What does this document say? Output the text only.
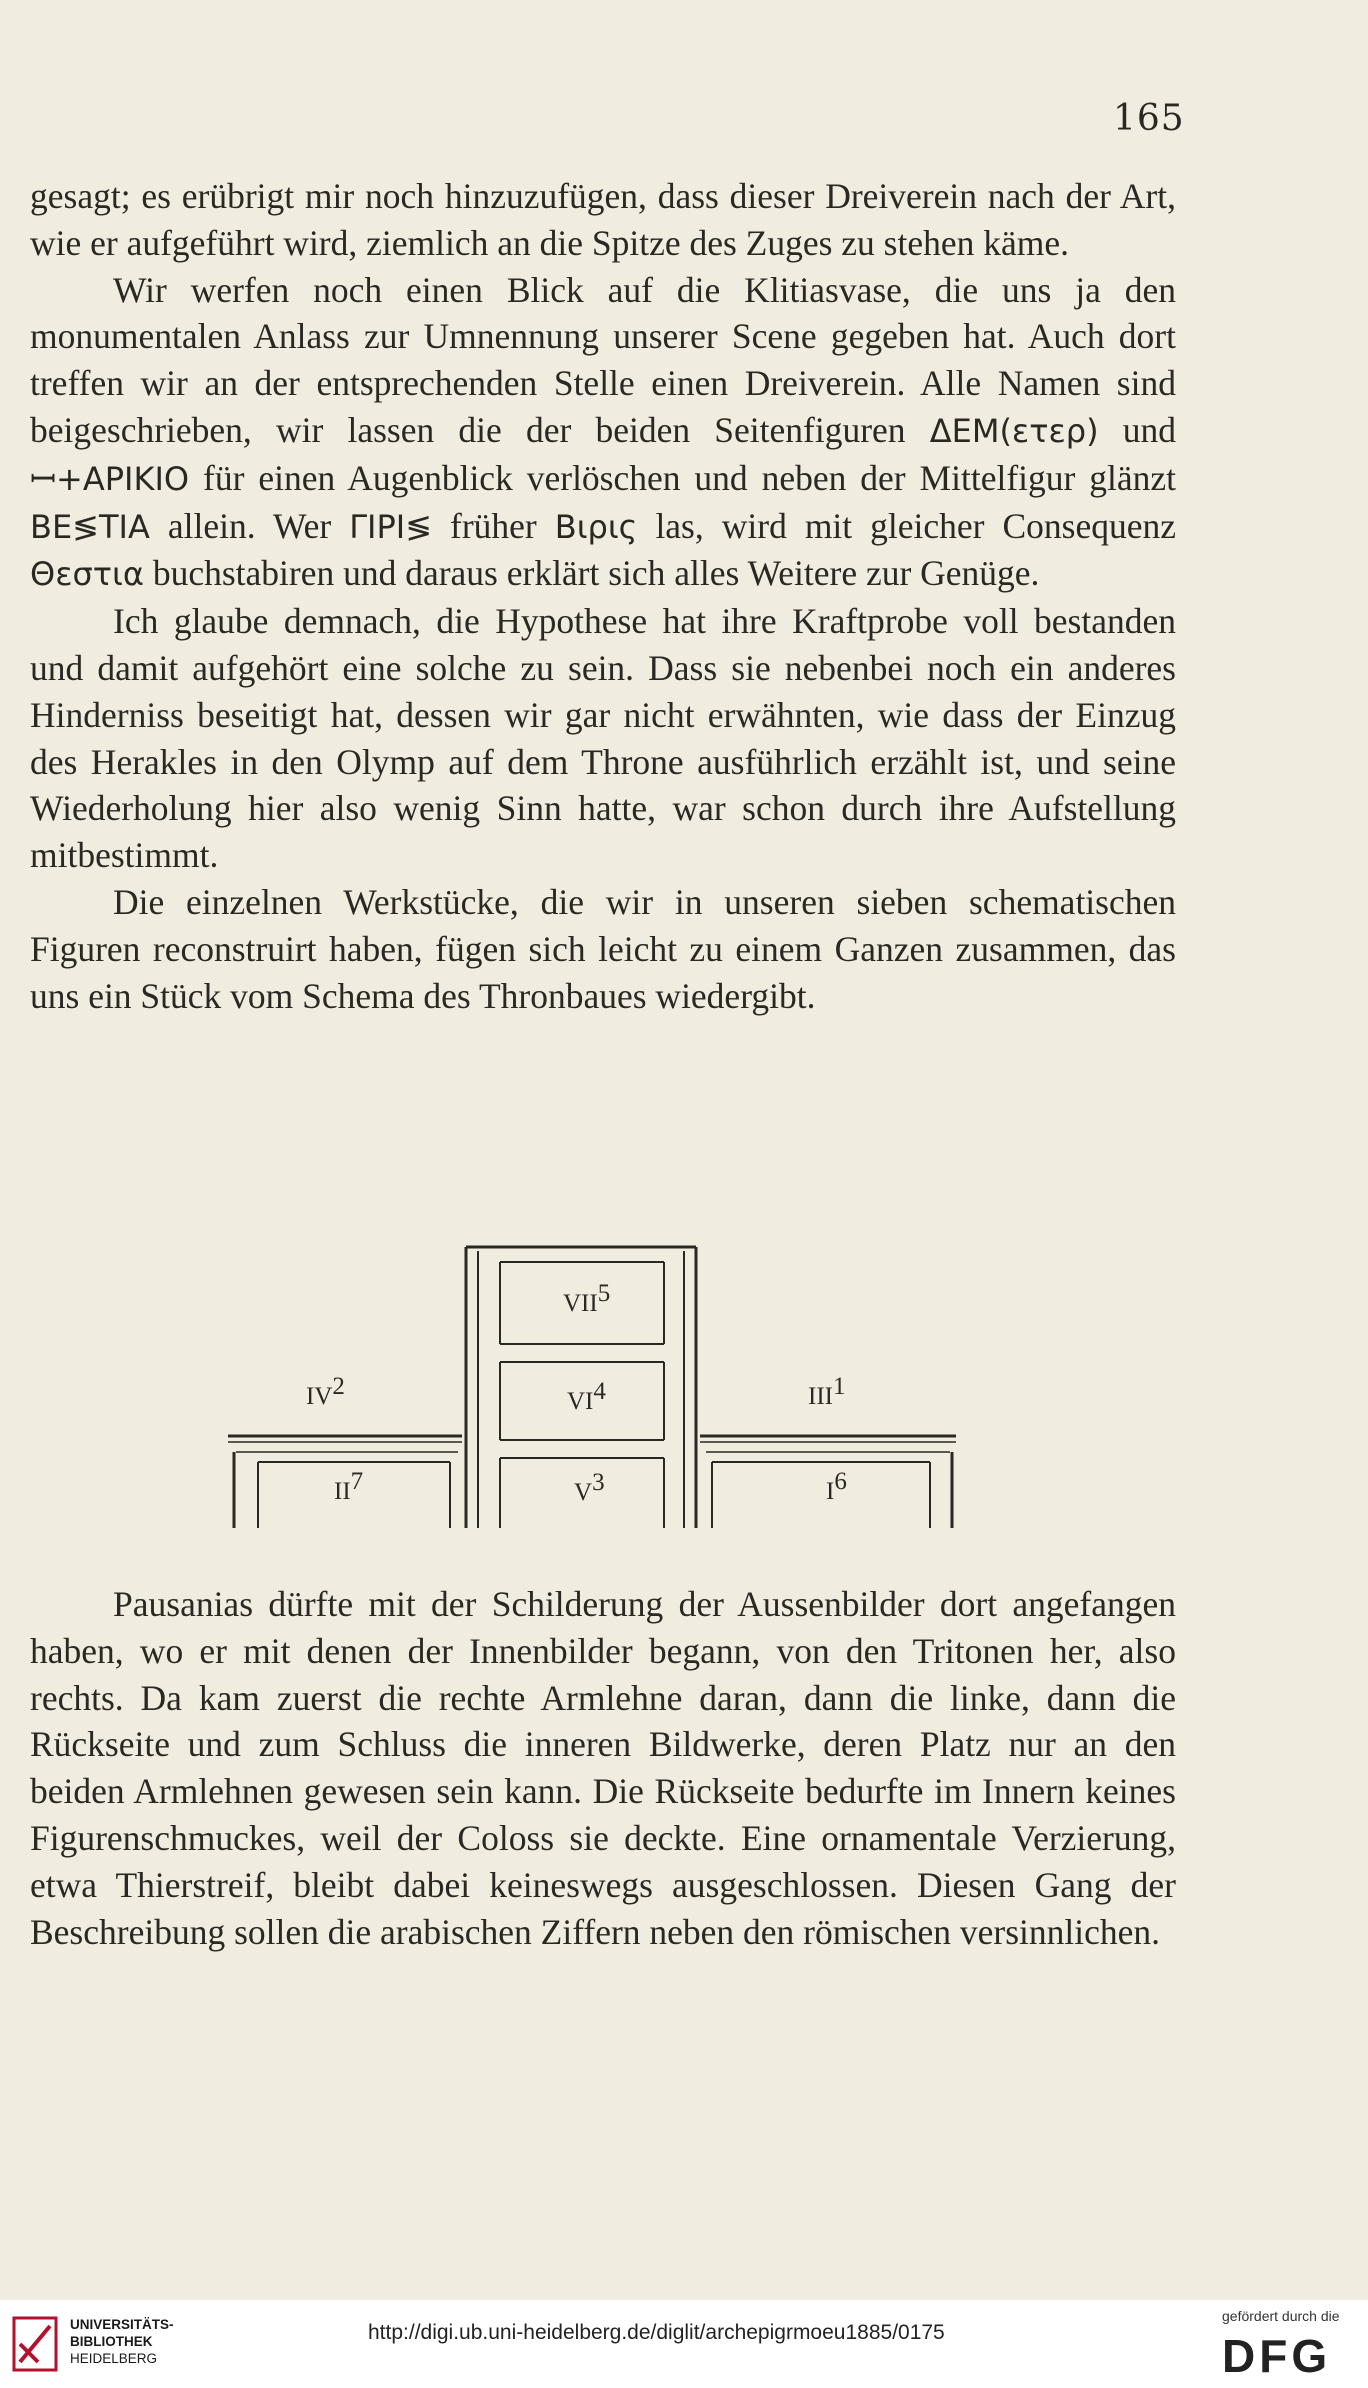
165

gesagt; es erübrigt mir noch hinzuzufügen, dass dieser Dreiverein nach der Art, wie er aufgeführt wird, ziemlich an die Spitze des Zuges zu stehen käme.

Wir werfen noch einen Blick auf die Klitiasvase, die uns ja den monumentalen Anlass zur Umnennung unserer Scene gegeben hat. Auch dort treffen wir an der entsprechenden Stelle einen Dreiverein. Alle Namen sind beigeschrieben, wir lassen die der beiden Seitenfiguren ΔΕΜ(ετερ) und ꟷ+ΑΡΙΚΙΟ für einen Augenblick verlöschen und neben der Mittelfigur glänzt ΒΕ≶ΤΙΑ allein. Wer ΓΙΡΙ≶ früher Βιρις las, wird mit gleicher Consequenz Θεστια buchstabiren und daraus erklärt sich alles Weitere zur Genüge.

Ich glaube demnach, die Hypothese hat ihre Kraftprobe voll bestanden und damit aufgehört eine solche zu sein. Dass sie nebenbei noch ein anderes Hinderniss beseitigt hat, dessen wir gar nicht erwähnten, wie dass der Einzug des Herakles in den Olymp auf dem Throne ausführlich erzählt ist, und seine Wiederholung hier also wenig Sinn hatte, war schon durch ihre Aufstellung mitbestimmt.

Die einzelnen Werkstücke, die wir in unseren sieben schematischen Figuren reconstruirt haben, fügen sich leicht zu einem Ganzen zusammen, das uns ein Stück vom Schema des Thronbaues wiedergibt.

VII5
VI4
V3
IV2	III1
II7	I6

Pausanias dürfte mit der Schilderung der Aussenbilder dort angefangen haben, wo er mit denen der Innenbilder begann, von den Tritonen her, also rechts. Da kam zuerst die rechte Armlehne daran, dann die linke, dann die Rückseite und zum Schluss die inneren Bildwerke, deren Platz nur an den beiden Armlehnen gewesen sein kann. Die Rückseite bedurfte im Innern keines Figurenschmuckes, weil der Coloss sie deckte. Eine ornamentale Verzierung, etwa Thierstreif, bleibt dabei keineswegs ausgeschlossen. Diesen Gang der Beschreibung sollen die arabischen Ziffern neben den römischen versinnlichen.

UNIVERSITÄTS-
BIBLIOTHEK
HEIDELBERG
http://digi.ub.uni-heidelberg.de/diglit/archepigrmoeu1885/0175
gefördert durch die
DFG
